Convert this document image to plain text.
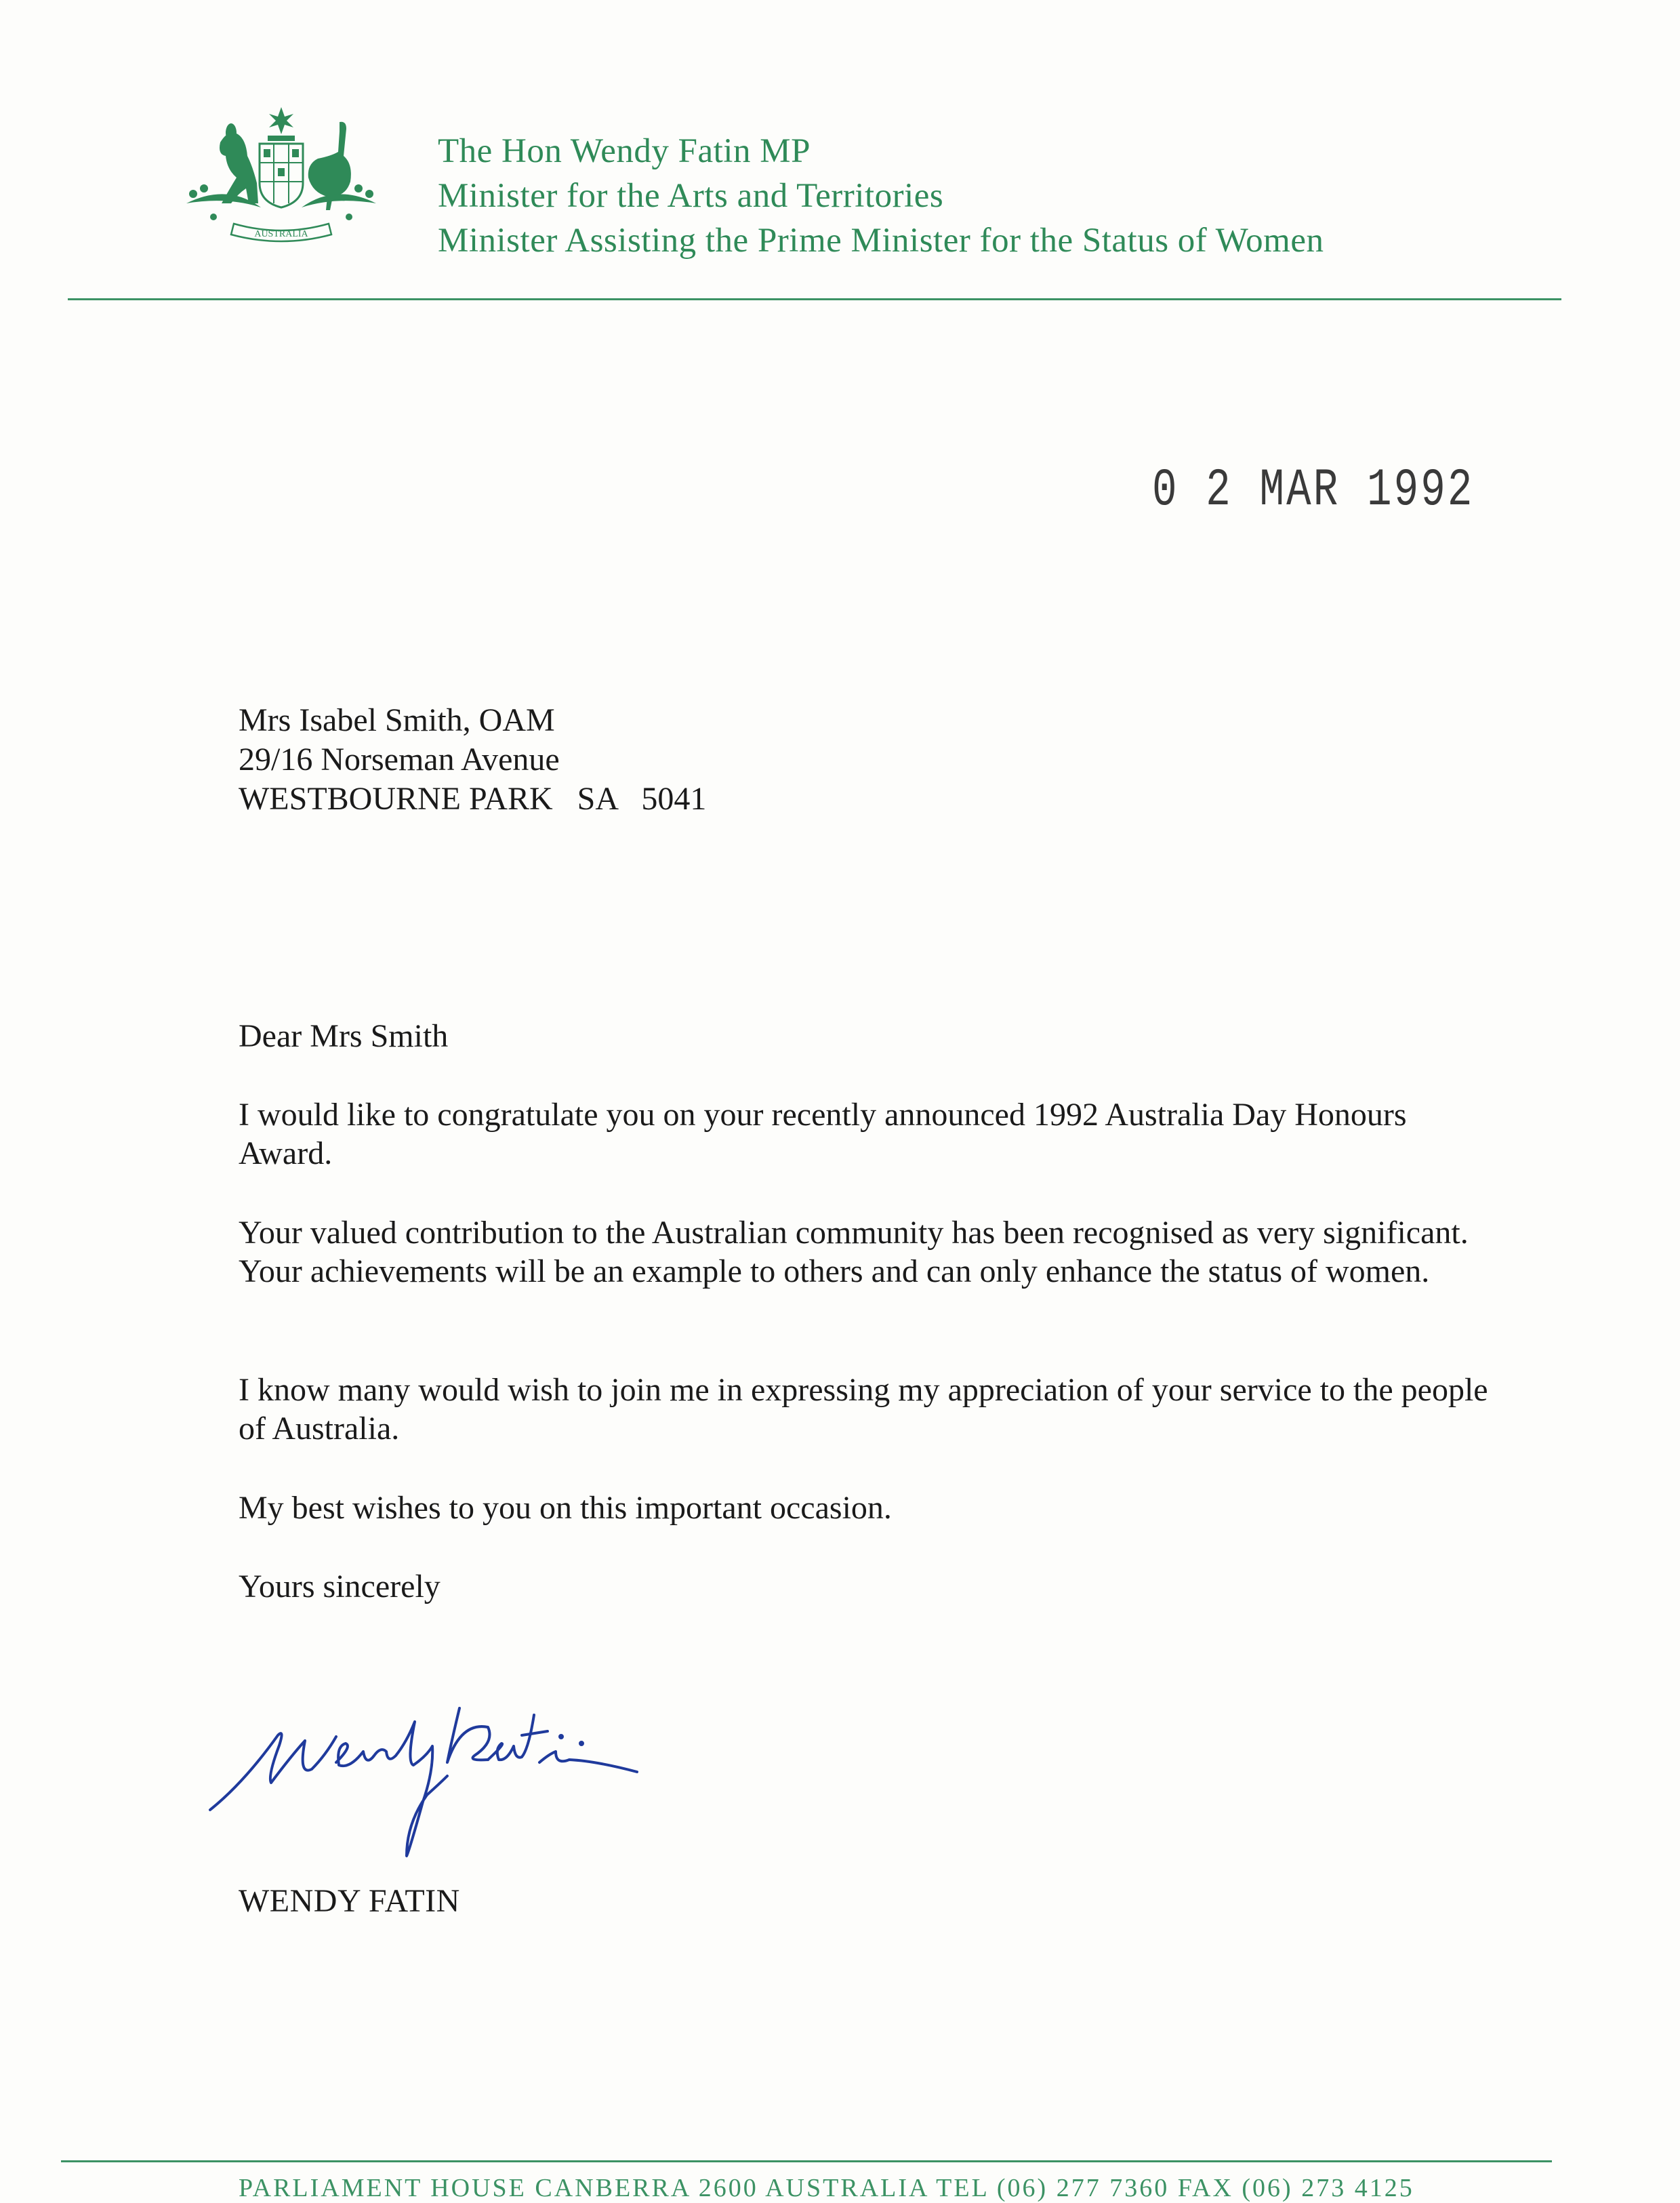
AUSTRALIA
The Hon Wendy Fatin MP
Minister for the Arts and Territories
Minister Assisting the Prime Minister for the Status of Women
0 2 MAR 1992
Mrs Isabel Smith, OAM
29/16 Norseman Avenue
WESTBOURNE PARK   SA   5041
Dear Mrs Smith
I would like to congratulate you on your recently announced 1992 Australia Day Honours Award.
Your valued contribution to the Australian community has been recognised as very significant. Your achievements will be an example to others and can only enhance the status of women.
I know many would wish to join me in expressing my appreciation of your service to the people of Australia.
My best wishes to you on this important occasion.
Yours sincerely
WENDY FATIN
PARLIAMENT HOUSE CANBERRA 2600 AUSTRALIA TEL (06) 277 7360 FAX (06) 273 4125
